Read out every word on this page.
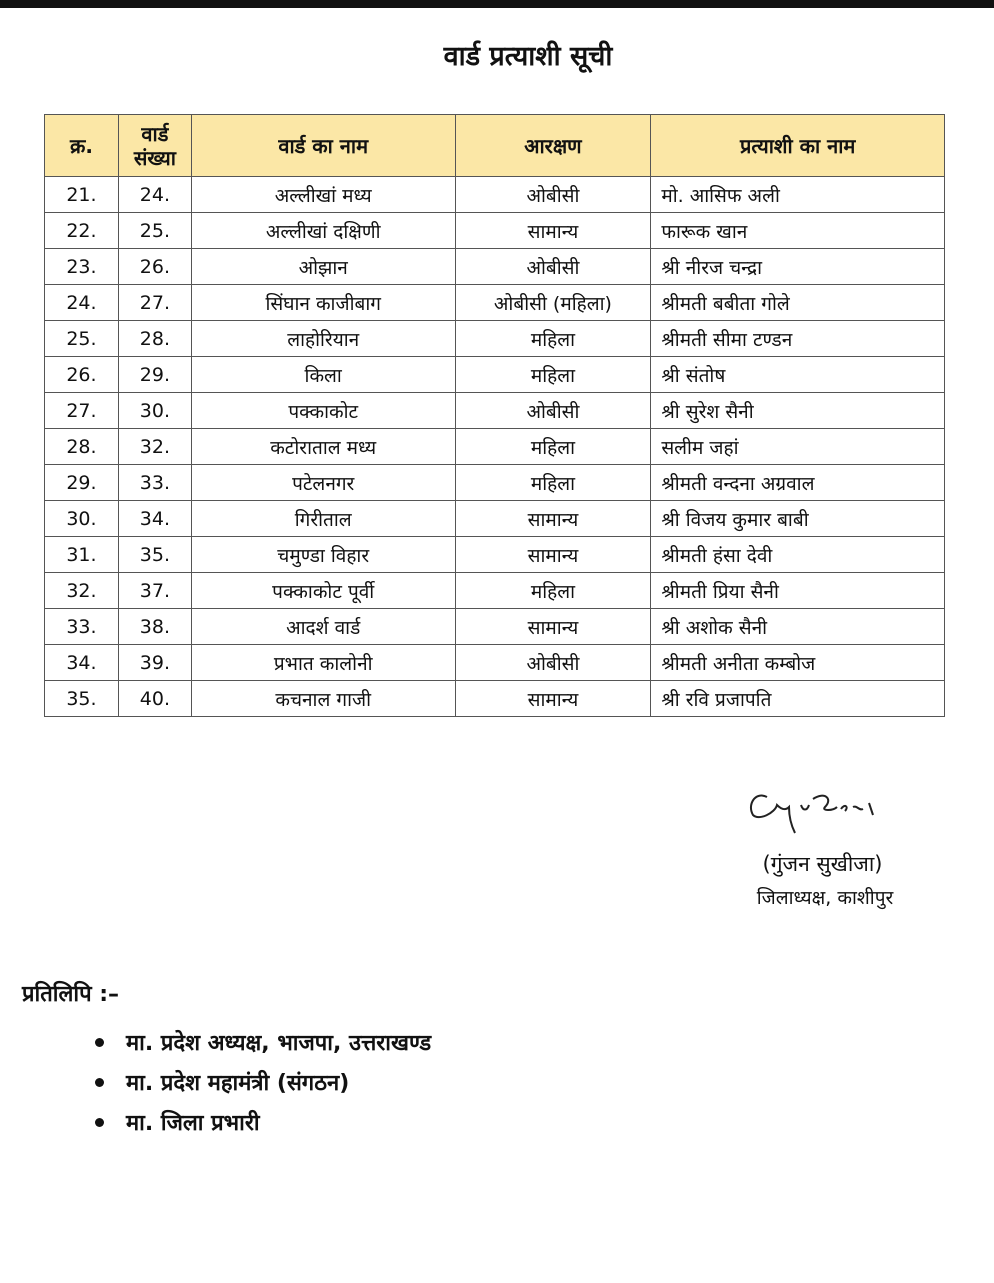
वार्ड प्रत्याशी सूची
क्र.	वार्ड संख्या	वार्ड का नाम	आरक्षण	प्रत्याशी का नाम
21.	24.	अल्लीखां मध्य	ओबीसी	मो. आसिफ अली
22.	25.	अल्लीखां दक्षिणी	सामान्य	फारूक खान
23.	26.	ओझान	ओबीसी	श्री नीरज चन्द्रा
24.	27.	सिंघान काजीबाग	ओबीसी (महिला)	श्रीमती बबीता गोले
25.	28.	लाहोरियान	महिला	श्रीमती सीमा टण्डन
26.	29.	किला	महिला	श्री संतोष
27.	30.	पक्काकोट	ओबीसी	श्री सुरेश सैनी
28.	32.	कटोराताल मध्य	महिला	सलीम जहां
29.	33.	पटेलनगर	महिला	श्रीमती वन्दना अग्रवाल
30.	34.	गिरीताल	सामान्य	श्री विजय कुमार बाबी
31.	35.	चमुण्डा विहार	सामान्य	श्रीमती हंसा देवी
32.	37.	पक्काकोट पूर्वी	महिला	श्रीमती प्रिया सैनी
33.	38.	आदर्श वार्ड	सामान्य	श्री अशोक सैनी
34.	39.	प्रभात कालोनी	ओबीसी	श्रीमती अनीता कम्बोज
35.	40.	कचनाल गाजी	सामान्य	श्री रवि प्रजापति
(गुंजन सुखीजा)
जिलाध्यक्ष, काशीपुर
प्रतिलिपि :–
मा. प्रदेश अध्यक्ष, भाजपा, उत्तराखण्ड
मा. प्रदेश महामंत्री (संगठन)
मा. जिला प्रभारी
